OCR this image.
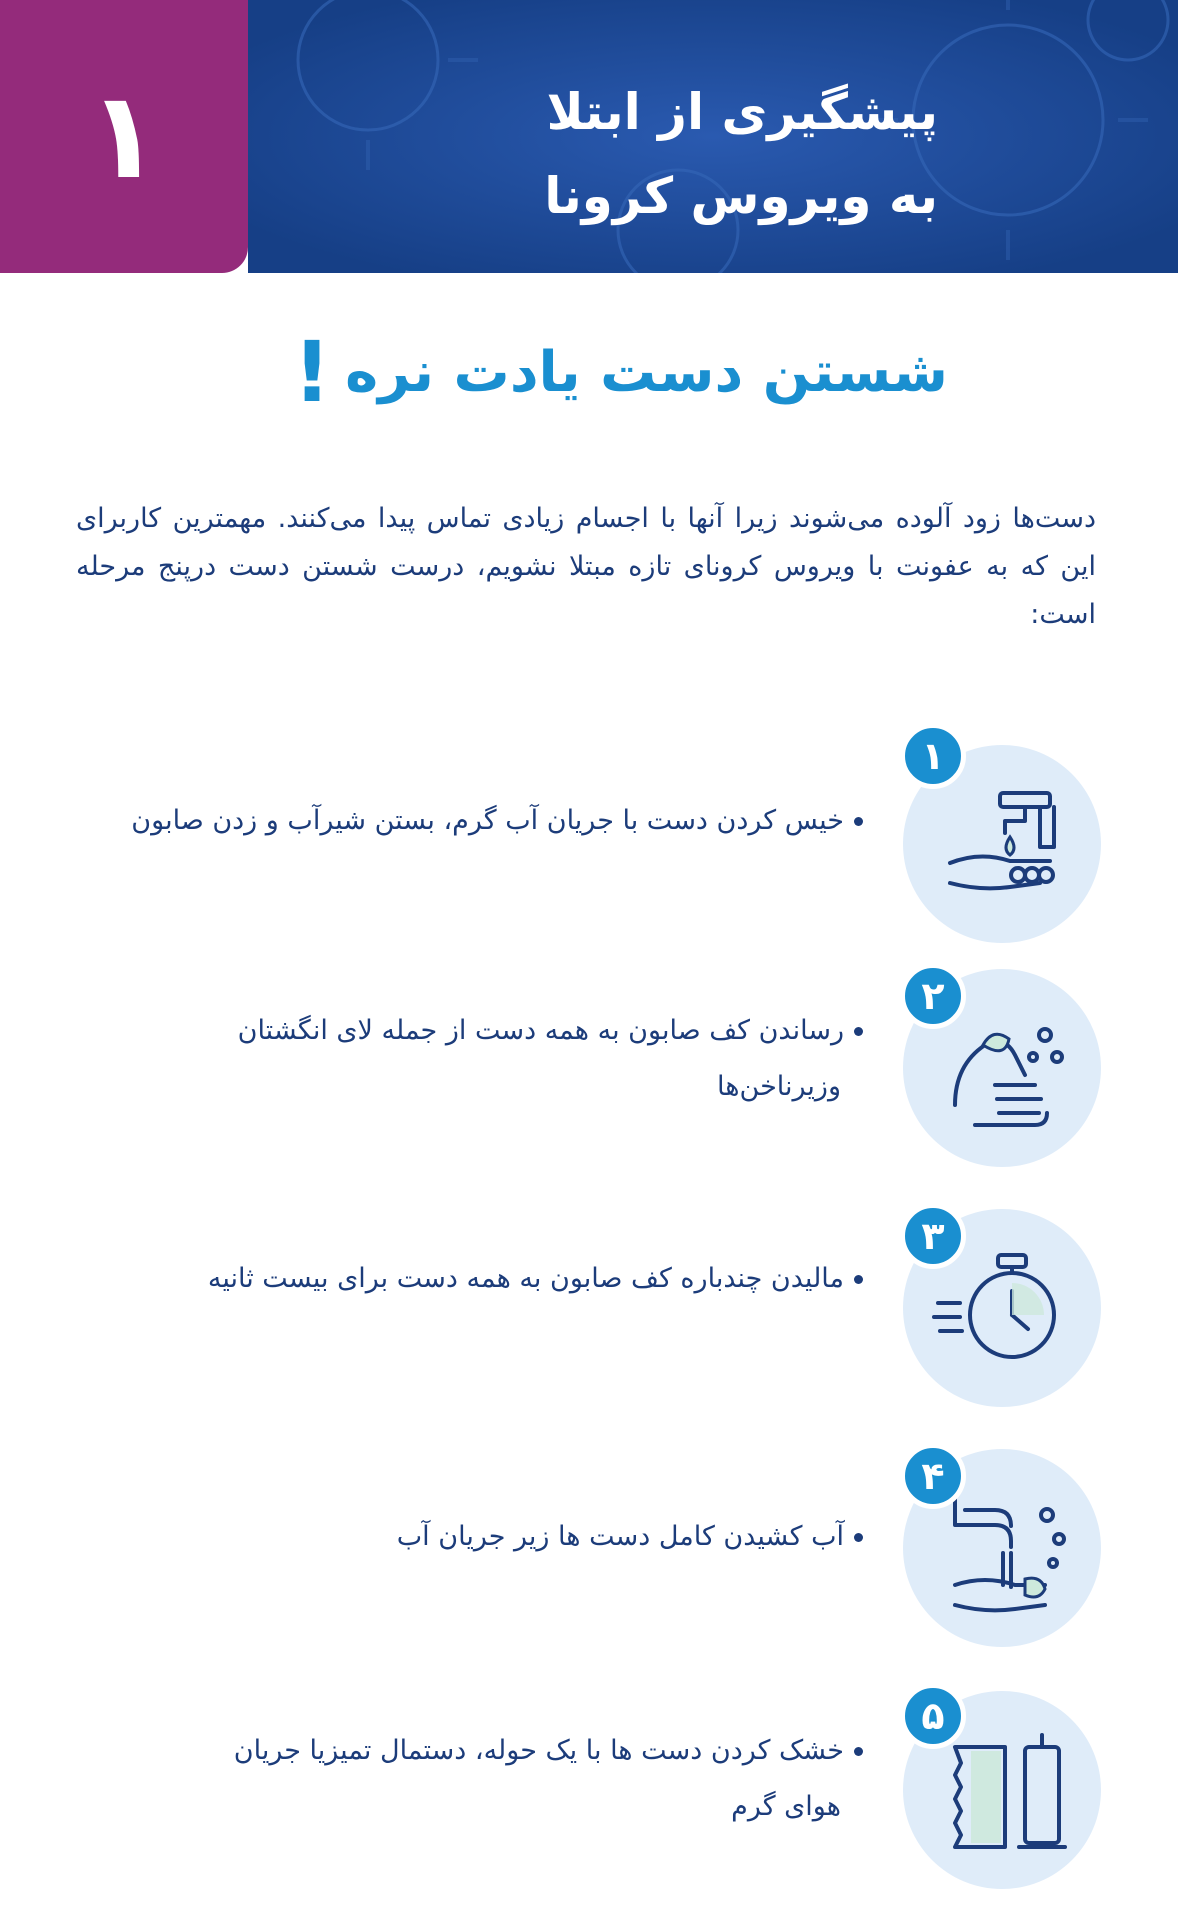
۱	پیشگیری از ابتلا
به ویروس کرونا
شستن دست یادت نره
!
دست‌ها زود آلوده می‌شوند زیرا آنها با اجسام زیادی تماس پیدا می‌کنند. مهمترین کاربرای این که به عفونت با ویروس کرونای تازه مبتلا نشویم، درست شستن دست درپنج مرحله است:
۱
خیس کردن دست با جریان آب گرم، بستن شیرآب و زدن صابون
۲
رساندن کف صابون به همه دست از جمله لای انگشتان
وزیرناخن‌ها
۳
مالیدن چندباره کف صابون به همه دست برای بیست ثانیه
۴
آب کشیدن کامل دست ها زیر جریان آب
۵
خشک کردن دست ها با یک حوله، دستمال تمیزیا جریان
هوای گرم
